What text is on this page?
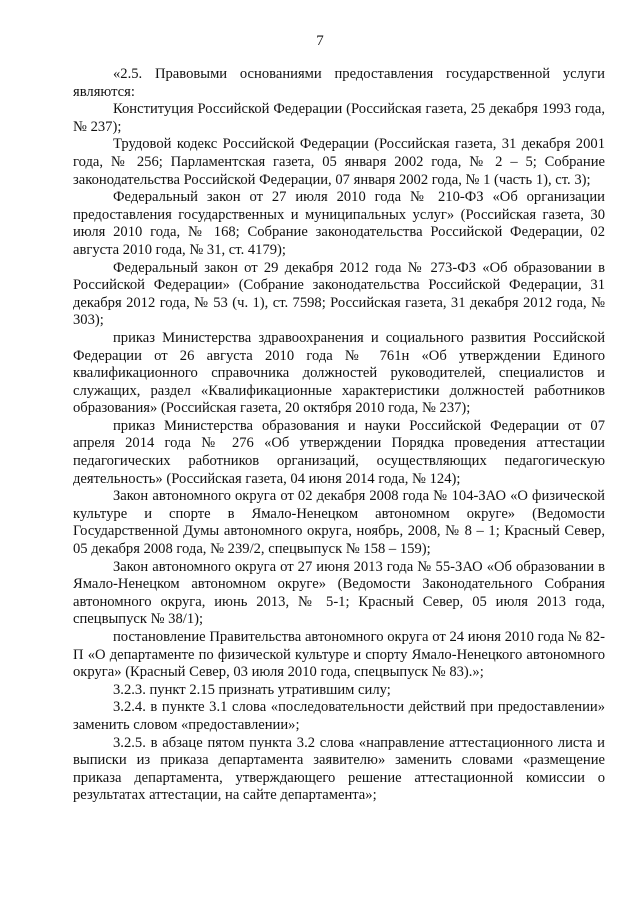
7

«2.5. Правовыми основаниями предоставления государственной услуги являются:

Конституция Российской Федерации (Российская газета, 25 декабря 1993 года, № 237);

Трудовой кодекс Российской Федерации (Российская газета, 31 декабря 2001 года, № 256; Парламентская газета, 05 января 2002 года, № 2 – 5; Собрание законодательства Российской Федерации, 07 января 2002 года, № 1 (часть 1), ст. 3);

Федеральный закон от 27 июля 2010 года № 210-ФЗ «Об организации предоставления государственных и муниципальных услуг» (Российская газета, 30 июля 2010 года, № 168; Собрание законодательства Российской Федерации, 02 августа 2010 года, № 31, ст. 4179);

Федеральный закон от 29 декабря 2012 года № 273-ФЗ «Об образовании в Российской Федерации» (Собрание законодательства Российской Федерации, 31 декабря 2012 года, № 53 (ч. 1), ст. 7598; Российская газета, 31 декабря 2012 года, № 303);

приказ Министерства здравоохранения и социального развития Российской Федерации от 26 августа 2010 года № 761н «Об утверждении Единого квалификационного справочника должностей руководителей, специалистов и служащих, раздел «Квалификационные характеристики должностей работников образования» (Российская газета, 20 октября 2010 года, № 237);

приказ Министерства образования и науки Российской Федерации от 07 апреля 2014 года № 276 «Об утверждении Порядка проведения аттестации педагогических работников организаций, осуществляющих педагогическую деятельность» (Российская газета, 04 июня 2014 года, № 124);

Закон автономного округа от 02 декабря 2008 года № 104-ЗАО «О физической культуре и спорте в Ямало-Ненецком автономном округе» (Ведомости Государственной Думы автономного округа, ноябрь, 2008, № 8 – 1; Красный Север, 05 декабря 2008 года, № 239/2, спецвыпуск № 158 – 159);

Закон автономного округа от 27 июня 2013 года № 55-ЗАО «Об образовании в Ямало-Ненецком автономном округе» (Ведомости Законодательного Собрания автономного округа, июнь 2013, № 5-1; Красный Север, 05 июля 2013 года, спецвыпуск № 38/1);

постановление Правительства автономного округа от 24 июня 2010 года № 82-П «О департаменте по физической культуре и спорту Ямало-Ненецкого автономного округа» (Красный Север, 03 июля 2010 года, спецвыпуск № 83).»;

3.2.3. пункт 2.15 признать утратившим силу;

3.2.4. в пункте 3.1 слова «последовательности действий при предоставлении» заменить словом «предоставлении»;

3.2.5. в абзаце пятом пункта 3.2 слова «направление аттестационного листа и выписки из приказа департамента заявителю» заменить словами «размещение приказа департамента, утверждающего решение аттестационной комиссии о результатах аттестации, на сайте департамента»;
